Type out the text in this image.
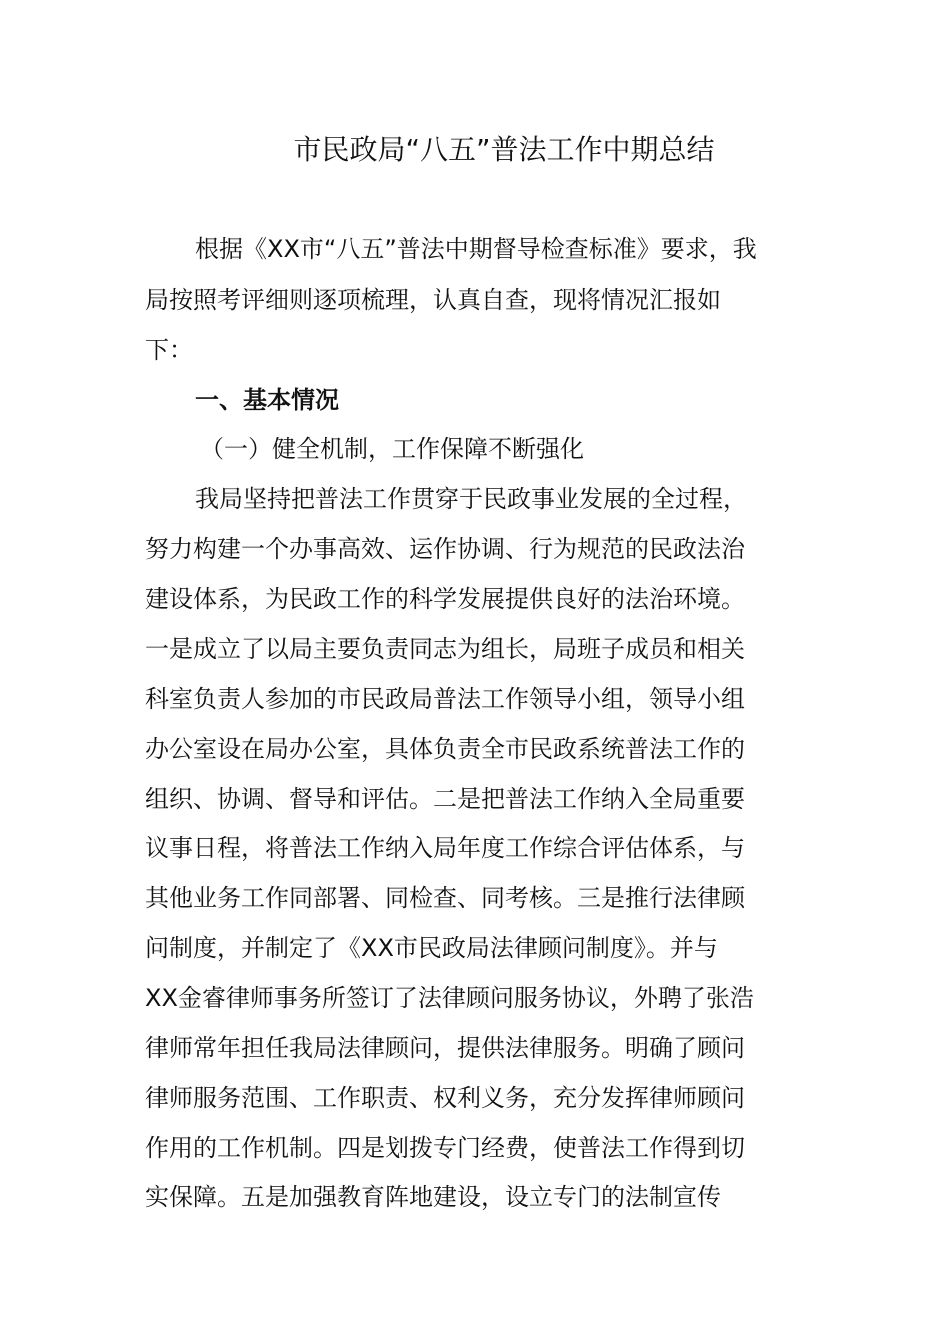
市民政局“八五”普法工作中期总结

根据《XX市“八五”普法中期督导检查标准》要求，我

局按照考评细则逐项梳理，认真自查，现将情况汇报如

下：

一、基本情况

（一）健全机制，工作保障不断强化

我局坚持把普法工作贯穿于民政事业发展的全过程，

努力构建一个办事高效、运作协调、行为规范的民政法治

建设体系，为民政工作的科学发展提供良好的法治环境。

一是成立了以局主要负责同志为组长，局班子成员和相关

科室负责人参加的市民政局普法工作领导小组，领导小组

办公室设在局办公室，具体负责全市民政系统普法工作的

组织、协调、督导和评估。二是把普法工作纳入全局重要

议事日程，将普法工作纳入局年度工作综合评估体系，与

其他业务工作同部署、同检查、同考核。三是推行法律顾

问制度，并制定了《XX市民政局法律顾问制度》。并与

XX金睿律师事务所签订了法律顾问服务协议，外聘了张浩

律师常年担任我局法律顾问，提供法律服务。明确了顾问

律师服务范围、工作职责、权利义务，充分发挥律师顾问

作用的工作机制。四是划拨专门经费，使普法工作得到切

实保障。五是加强教育阵地建设，设立专门的法制宣传
